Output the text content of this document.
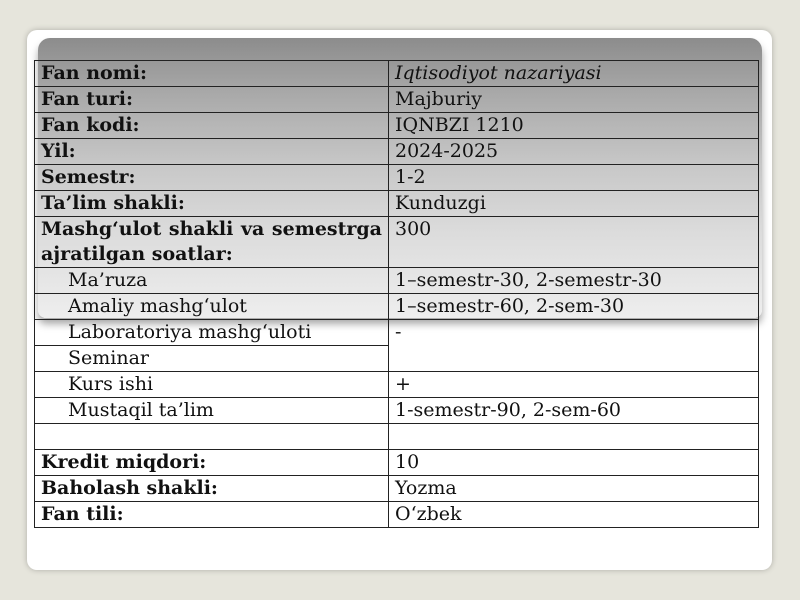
Fan nomi:	Iqtisodiyot nazariyasi
Fan turi:	Majburiy
Fan kodi:	IQNBZI 1210
Yil:	2024-2025
Semestr:	1-2
Ta’lim shakli:	Kunduzgi
Mashg‘ulot shakli va semestrga ajratilgan soatlar:	300
Ma’ruza	1–semestr-30, 2-semestr-30
Amaliy mashg‘ulot	1–semestr-60, 2-sem-30
Laboratoriya mashg‘uloti	-
Seminar	
Kurs ishi	+
Mustaqil ta’lim	1-semestr-90, 2-sem-60

Kredit miqdori:	10
Baholash shakli:	Yozma
Fan tili:	O‘zbek
